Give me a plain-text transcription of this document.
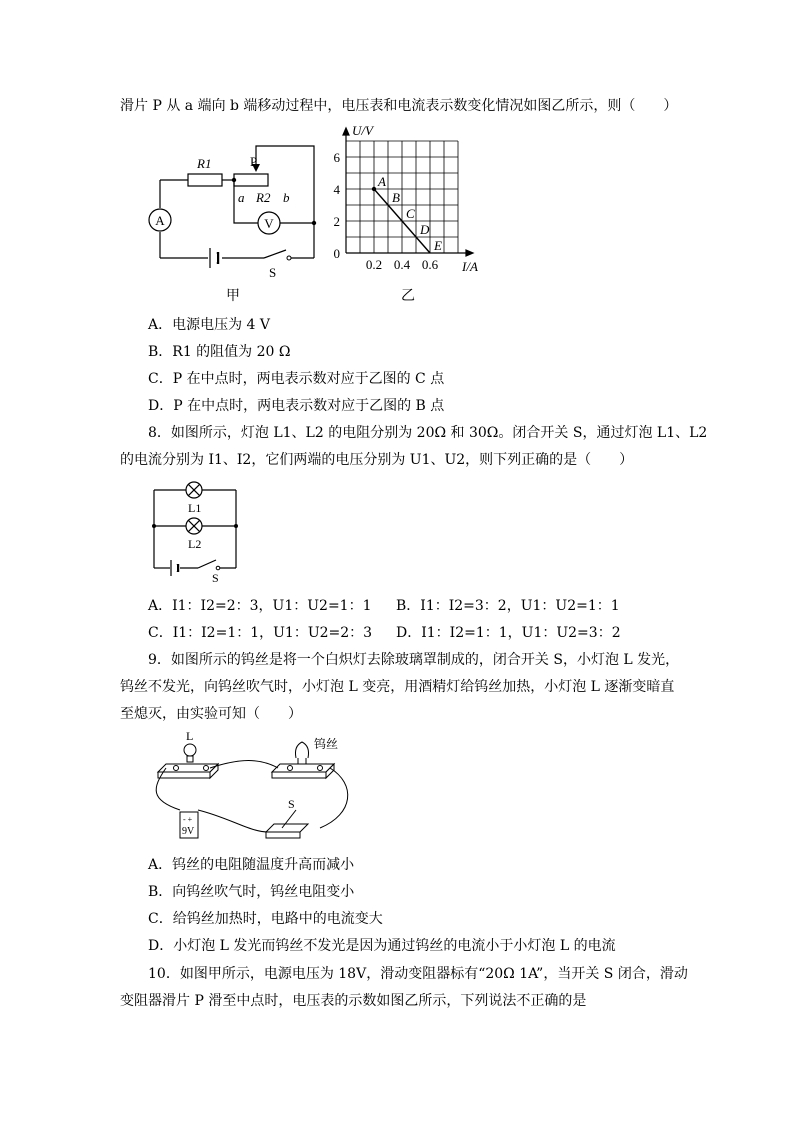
滑片 P 从 a 端向 b 端移动过程中，电压表和电流表示数变化情况如图乙所示，则（　　）
R1	P
a R2 b
A	V
S
甲
6
4
2
0
0.2 0.4 0.6
A
B
C
D
E
U/V
I/A
乙
A．电源电压为 4 V
B．R1 的阻值为 20 Ω
C．P 在中点时，两电表示数对应于乙图的 C 点
D．P 在中点时，两电表示数对应于乙图的 B 点
8．如图所示，灯泡 L1、L2 的电阻分别为 20Ω 和 30Ω。闭合开关 S，通过灯泡 L1、L2
的电流分别为 I1、I2，它们两端的电压分别为 U1、U2，则下列正确的是（　　）
L1
L2
S
A．I1：I2=2：3，U1：U2=1：1 B．I1：I2=3：2，U1：U2=1：1
C．I1：I2=1：1，U1：U2=2：3 D．I1：I2=1：1，U1：U2=3：2
9．如图所示的钨丝是将一个白炽灯去除玻璃罩制成的，闭合开关 S，小灯泡 L 发光，
钨丝不发光，向钨丝吹气时，小灯泡 L 变亮，用酒精灯给钨丝加热，小灯泡 L 逐渐变暗直
至熄灭，由实验可知（　　）
L
钨丝
S
- +
9V
A．钨丝的电阻随温度升高而减小
B．向钨丝吹气时，钨丝电阻变小
C．给钨丝加热时，电路中的电流变大
D．小灯泡 L 发光而钨丝不发光是因为通过钨丝的电流小于小灯泡 L 的电流
10．如图甲所示，电源电压为 18V，滑动变阻器标有“20Ω 1A”，当开关 S 闭合，滑动
变阻器滑片 P 滑至中点时，电压表的示数如图乙所示，下列说法不正确的是
